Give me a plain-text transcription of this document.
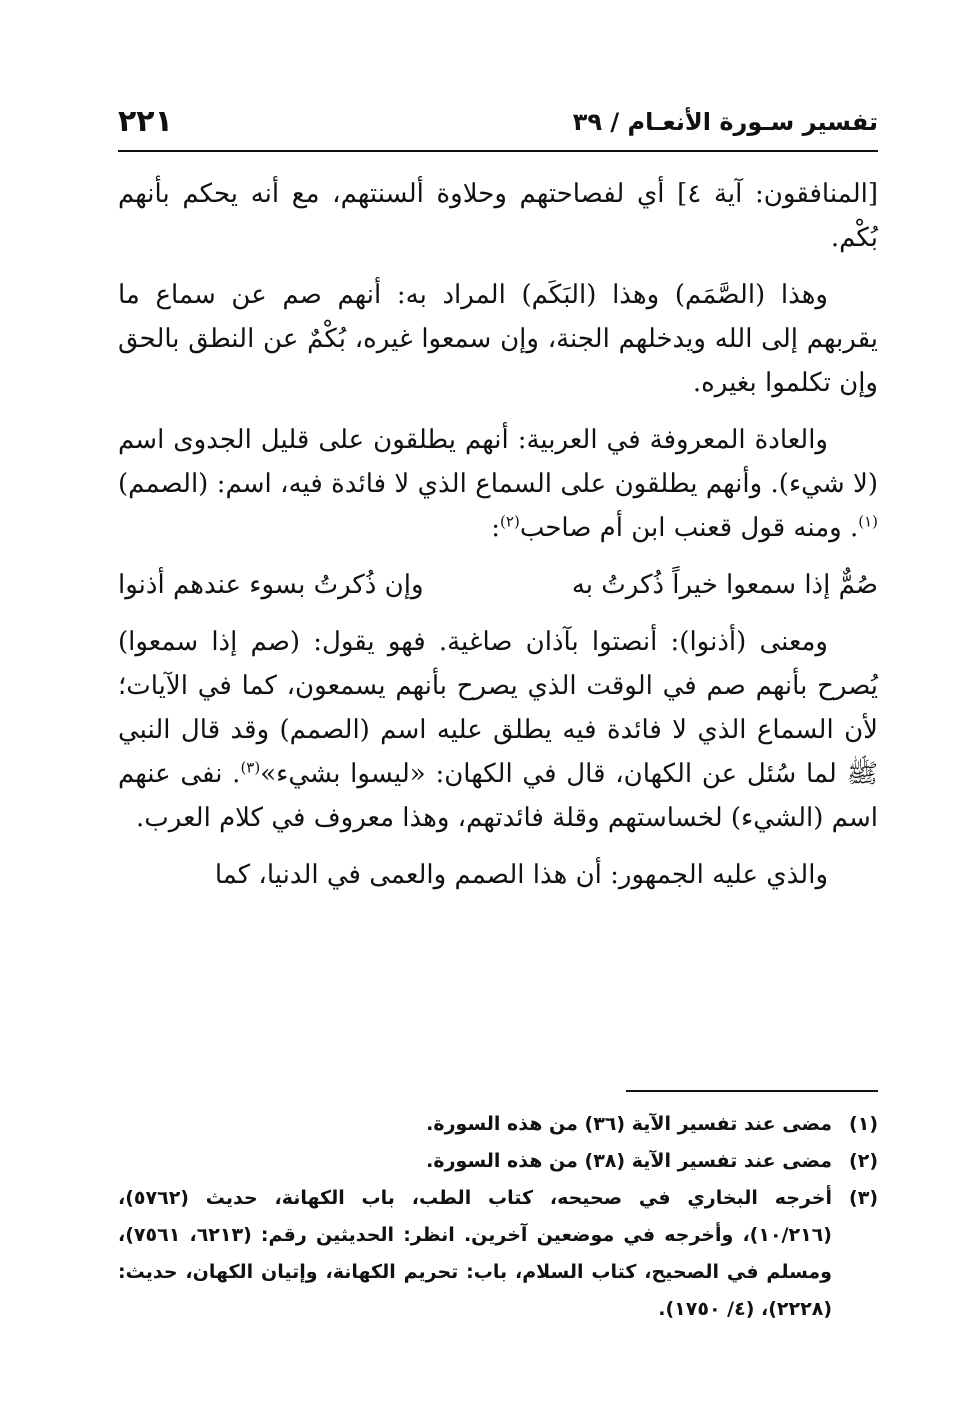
تفسير سـورة الأنعـام / ٣٩
٢٢١

[المنافقون: آية ٤] أي لفصاحتهم وحلاوة ألسنتهم، مع أنه يحكم بأنهم بُكْم.

وهذا (الصَّمَم) وهذا (البَكَم) المراد به: أنهم صم عن سماع ما يقربهم إلى الله ويدخلهم الجنة، وإن سمعوا غيره، بُكْمٌ عن النطق بالحق وإن تكلموا بغيره.

والعادة المعروفة في العربية: أنهم يطلقون على قليل الجدوى اسم (لا شيء). وأنهم يطلقون على السماع الذي لا فائدة فيه، اسم: (الصمم)$^{(١)}$. ومنه قول قعنب ابن أم صاحب$^{(٢)}$:

صُمٌّ إذا سمعوا خيراً ذُكرتُ به
وإن ذُكرتُ بسوء عندهم أذنوا

ومعنى (أذنوا): أنصتوا بآذان صاغية. فهو يقول: (صم إذا سمعوا) يُصرح بأنهم صم في الوقت الذي يصرح بأنهم يسمعون، كما في الآيات؛ لأن السماع الذي لا فائدة فيه يطلق عليه اسم (الصمم) وقد قال النبي ﷺ لما سُئل عن الكهان، قال في الكهان: «ليسوا بشيء»$^{(٣)}$. نفى عنهم اسم (الشيء) لخساستهم وقلة فائدتهم، وهذا معروف في كلام العرب.

والذي عليه الجمهور: أن هذا الصمم والعمى في الدنيا، كما

(١)
مضى عند تفسير الآية (٣٦) من هذه السورة.
(٢)
مضى عند تفسير الآية (٣٨) من هذه السورة.
(٣)
أخرجه البخاري في صحيحه، كتاب الطب، باب الكهانة، حديث (٥٧٦٢)، (١٠/٢١٦)، وأخرجه في موضعين آخرين. انظر: الحديثين رقم: (٦٢١٣، ٧٥٦١)، ومسلم في الصحيح، كتاب السلام، باب: تحريم الكهانة، وإتيان الكهان، حديث: (٢٢٢٨)، (٤/ ١٧٥٠).
